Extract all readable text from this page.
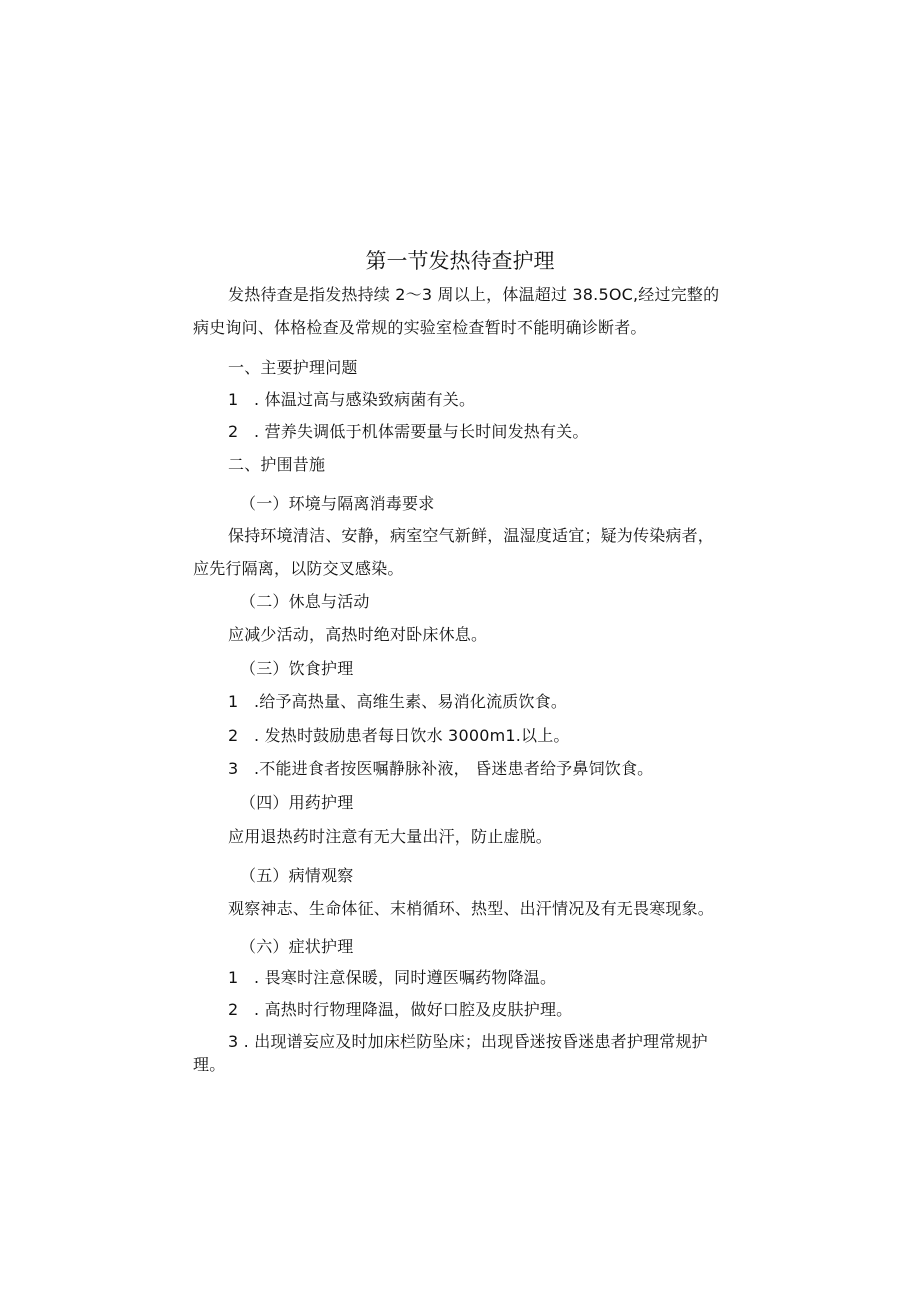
第一节发热待查护理
发热待查是指发热持续 2～3 周以上，体温超过 38.5OC,经过完整的
病史询问、体格检查及常规的实验室检查暂时不能明确诊断者。
一、主要护理问题
1 . 体温过高与感染致病菌有关。
2 . 营养失调低于机体需要量与长时间发热有关。
二、护围昔施
（一）环境与隔离消毒要求
保持环境清洁、安静，病室空气新鲜，温湿度适宜；疑为传染病者，
应先行隔离，以防交叉感染。
（二）休息与活动
应减少活动，高热时绝对卧床休息。
（三）饮食护理
1 .给予高热量、高维生素、易消化流质饮食。
2 . 发热时鼓励患者每日饮水 3000m1.以上。
3 .不能进食者按医嘱静脉补液， 昏迷患者给予鼻饲饮食。
（四）用药护理
应用退热药时注意有无大量出汗，防止虚脱。
（五）病情观察
观察神志、生命体征、末梢循环、热型、出汗情况及有无畏寒现象。
（六）症状护理
1 . 畏寒时注意保暖，同时遵医嘱药物降温。
2 . 高热时行物理降温，做好口腔及皮肤护理。
3 . 出现谱妄应及时加床栏防坠床；出现昏迷按昏迷患者护理常规护
理。
